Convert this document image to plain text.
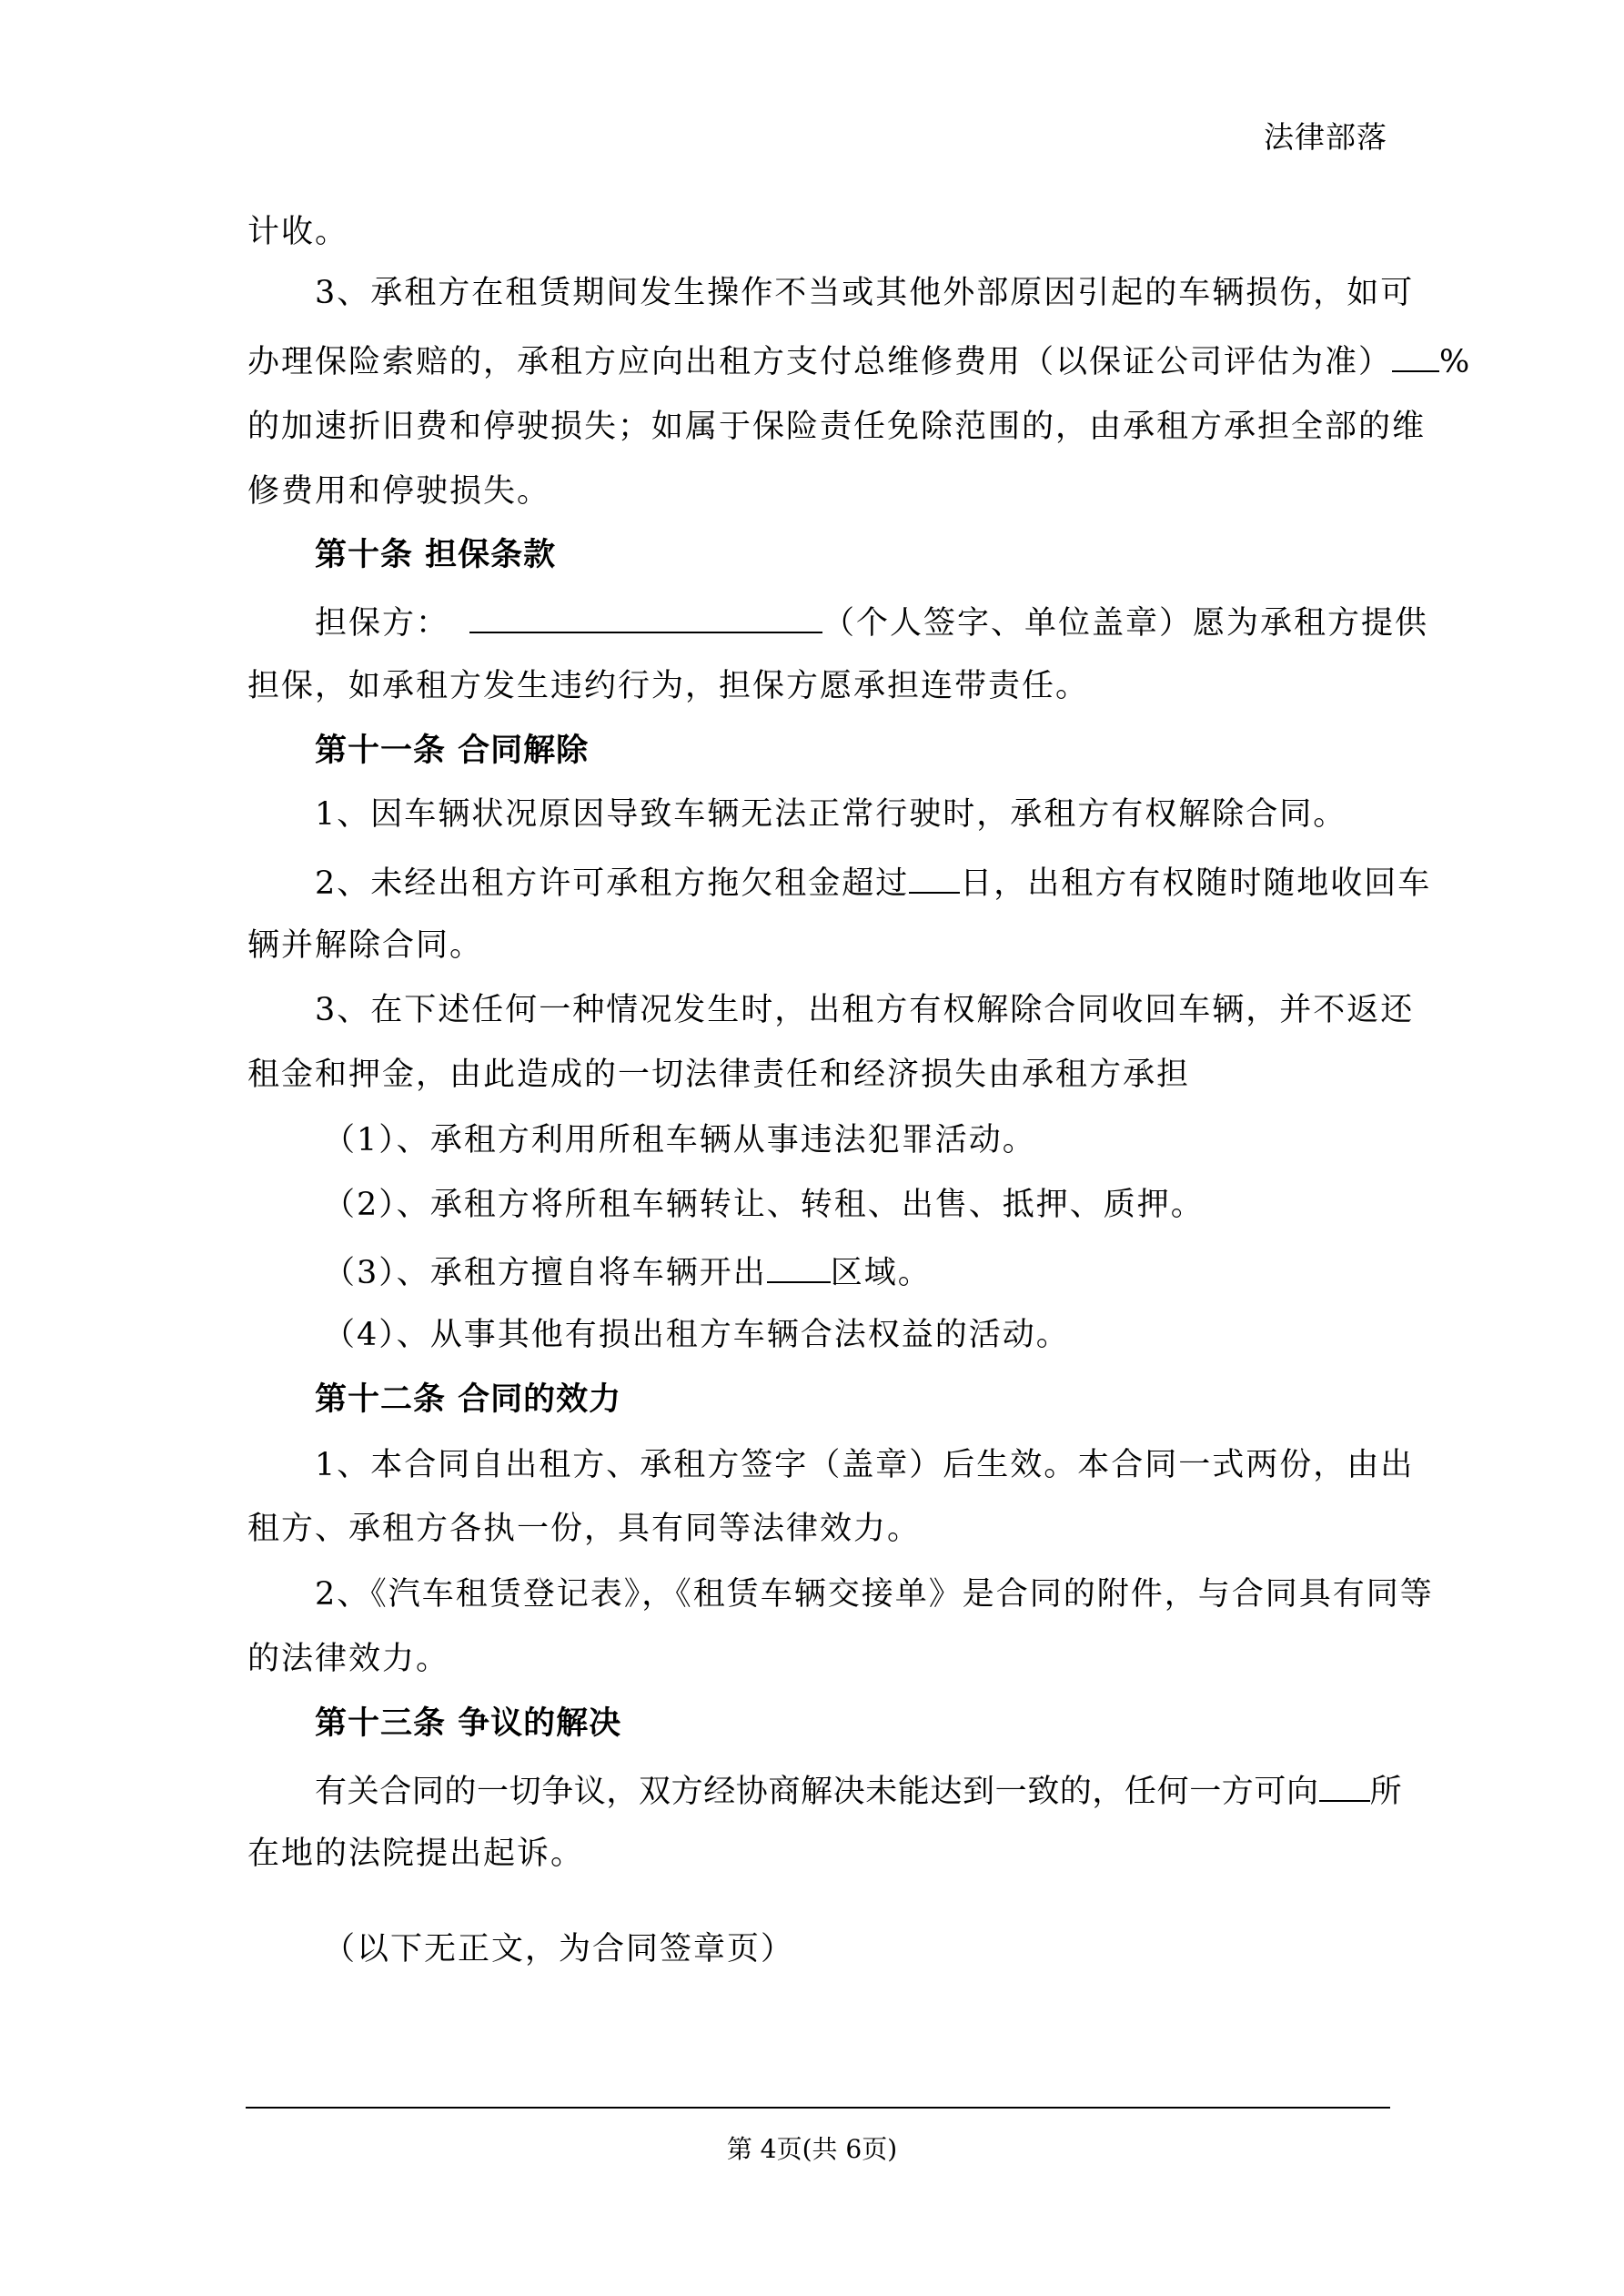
法律部落
计收。
3、承租方在租赁期间发生操作不当或其他外部原因引起的车辆损伤，如可
办理保险索赔的，承租方应向出租方支付总维修费用（以保证公司评估为准） %
的加速折旧费和停驶损失；如属于保险责任免除范围的，由承租方承担全部的维
修费用和停驶损失。
第十条 担保条款
担保方：	（个人签字、单位盖章）愿为承租方提供
担保，如承租方发生违约行为，担保方愿承担连带责任。
第十一条 合同解除
1、因车辆状况原因导致车辆无法正常行驶时，承租方有权解除合同。
2、未经出租方许可承租方拖欠租金超过 日，出租方有权随时随地收回车
辆并解除合同。
3、在下述任何一种情况发生时，出租方有权解除合同收回车辆，并不返还
租金和押金，由此造成的一切法律责任和经济损失由承租方承担
（1）、承租方利用所租车辆从事违法犯罪活动。
（2）、承租方将所租车辆转让、转租、出售、抵押、质押。
（3）、承租方擅自将车辆开出 区域。
（4）、从事其他有损出租方车辆合法权益的活动。
第十二条 合同的效力
1、本合同自出租方、承租方签字（盖章）后生效。本合同一式两份，由出
租方、承租方各执一份，具有同等法律效力。
2、《汽车租赁登记表》，《租赁车辆交接单》是合同的附件，与合同具有同等
的法律效力。
第十三条 争议的解决
有关合同的一切争议，双方经协商解决未能达到一致的，任何一方可向 所
在地的法院提出起诉。
（以下无正文，为合同签章页）
第 4页(共 6页)
